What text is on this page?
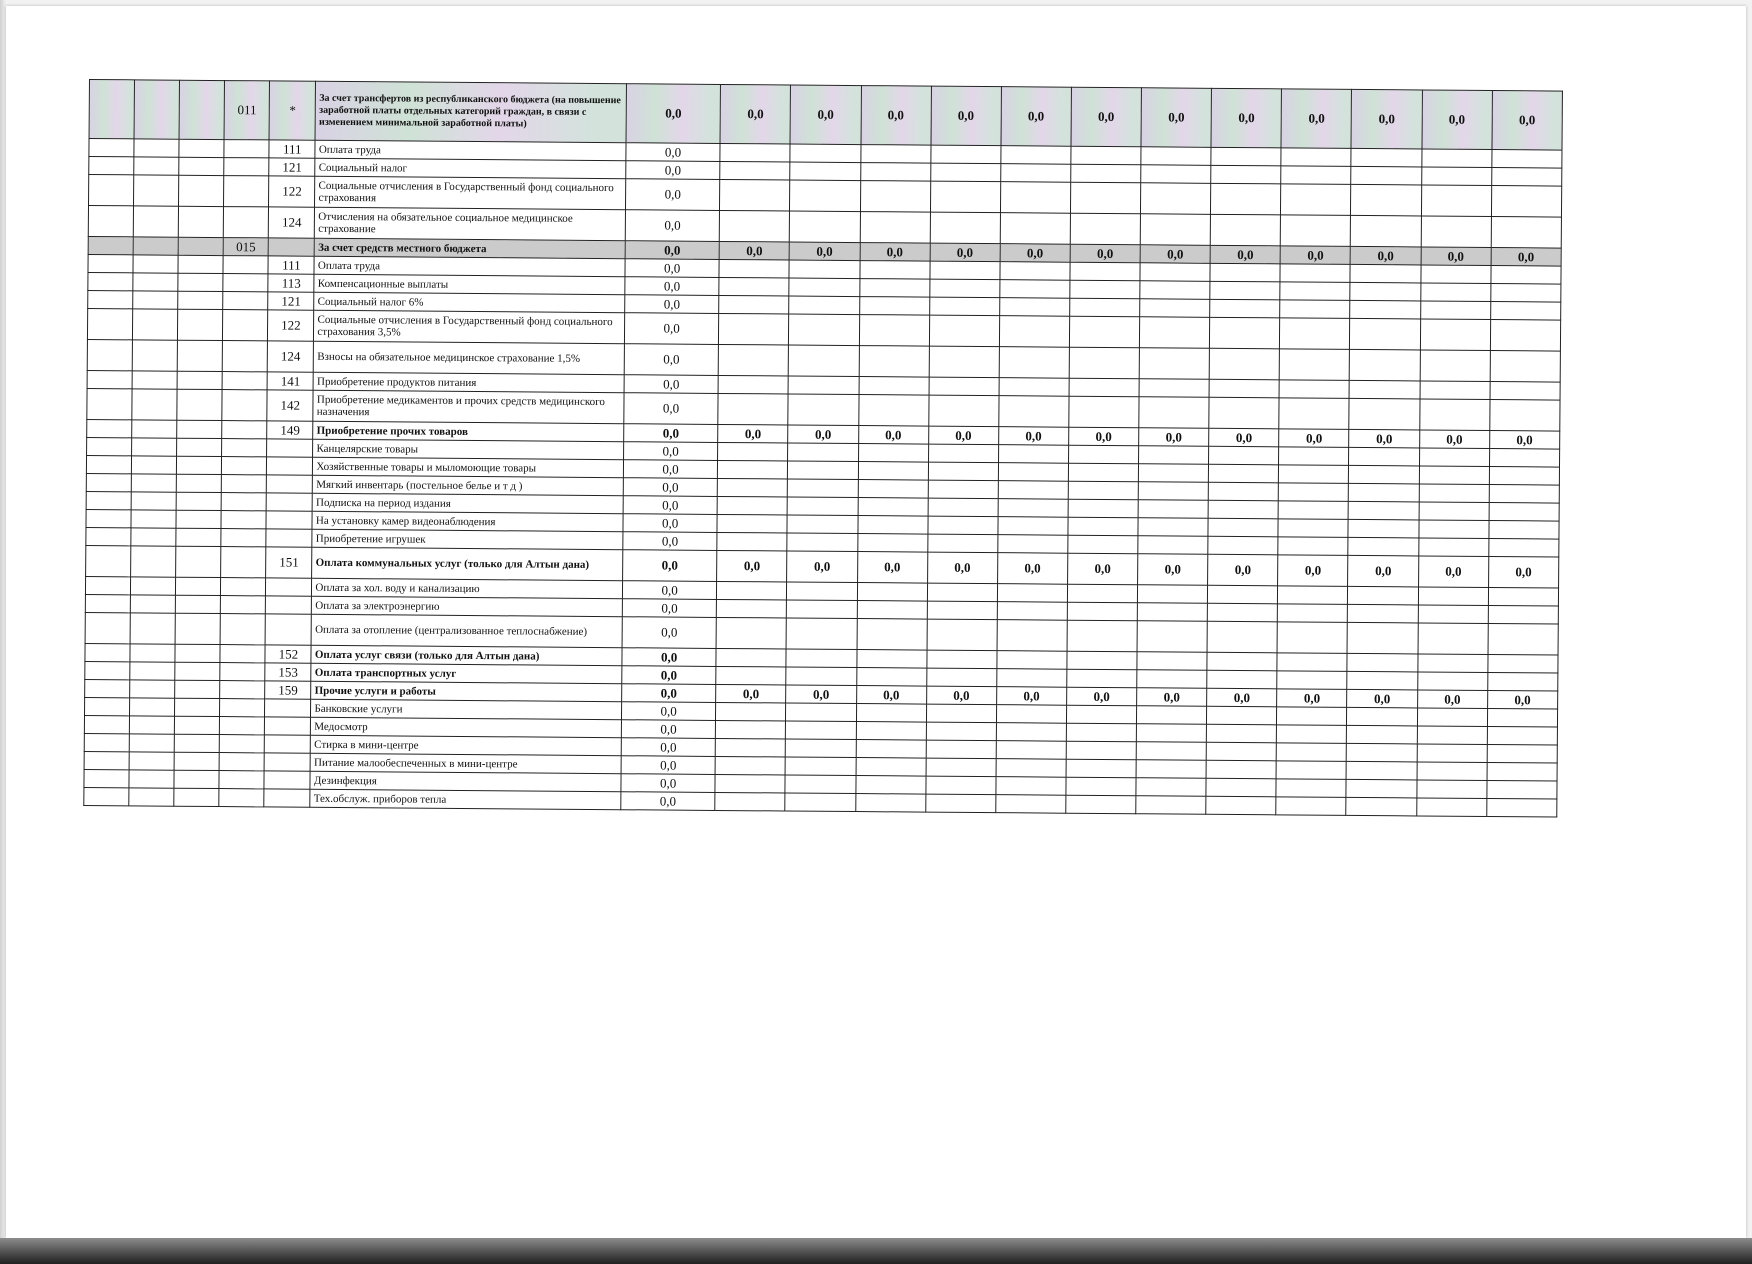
			011	*	За счет трансфертов из республиканского бюджета (на повышение заработной платы отдельных категорий граждан, в связи с изменением минимальной заработной платы)	0,0	0,0	0,0	0,0	0,0	0,0	0,0	0,0	0,0	0,0	0,0	0,0	0,0
				111	Оплата труда	0,0												
				121	Социальный налог	0,0												
				122	Социальные отчисления в Государственный фонд социального страхования	0,0												
				124	Отчисления на обязательное социальное медицинское страхование	0,0												
			015		За счет средств местного бюджета	0,0	0,0	0,0	0,0	0,0	0,0	0,0	0,0	0,0	0,0	0,0	0,0	0,0
				111	Оплата труда	0,0												
				113	Компенсационные выплаты	0,0												
				121	Социальный налог 6%	0,0												
				122	Социальные отчисления в Государственный фонд социального страхования 3,5%	0,0												
				124	Взносы на обязательное медицинское страхование 1,5%	0,0												
				141	Приобретение продуктов питания	0,0												
				142	Приобретение медикаментов и прочих средств медицинского назначения	0,0												
				149	Приобретение прочих товаров	0,0	0,0	0,0	0,0	0,0	0,0	0,0	0,0	0,0	0,0	0,0	0,0	0,0
					Канцелярские товары	0,0												
					Хозяйственные товары и мыломоющие товары	0,0												
					Мягкий инвентарь (постельное белье и т д )	0,0												
					Подписка на период издания	0,0												
					На установку камер видеонаблюдения	0,0												
					Приобретение игрушек	0,0												
				151	Оплата коммунальных услуг (только для Алтын дана)	0,0	0,0	0,0	0,0	0,0	0,0	0,0	0,0	0,0	0,0	0,0	0,0	0,0
					Оплата за хол. воду и канализацию	0,0												
					Оплата за электроэнергию	0,0												
					Оплата за отопление (централизованное теплоснабжение)	0,0												
				152	Оплата услуг связи (только для Алтын дана)	0,0												
				153	Оплата транспортных услуг	0,0												
				159	Прочие услуги и работы	0,0	0,0	0,0	0,0	0,0	0,0	0,0	0,0	0,0	0,0	0,0	0,0	0,0
					Банковские услуги	0,0												
					Медосмотр	0,0												
					Стирка в мини-центре	0,0												
					Питание малообеспеченных в мини-центре	0,0												
					Дезинфекция	0,0												
					Тех.обслуж. приборов тепла	0,0												
